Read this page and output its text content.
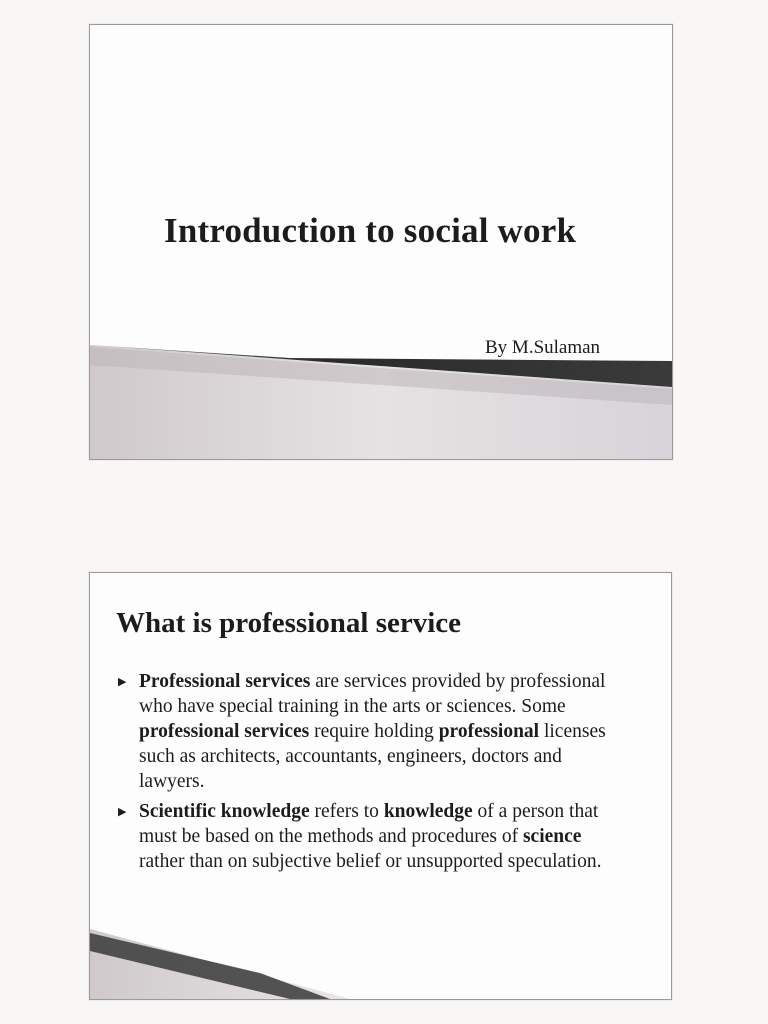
Introduction to social work
By M.Sulaman
What is professional service
▶ Professional services are services provided by professional who have special training in the arts or sciences. Some professional services require holding professional licenses such as architects, accountants, engineers, doctors and lawyers.
▶ Scientific knowledge refers to knowledge of a person that must be based on the methods and procedures of science rather than on subjective belief or unsupported speculation.
